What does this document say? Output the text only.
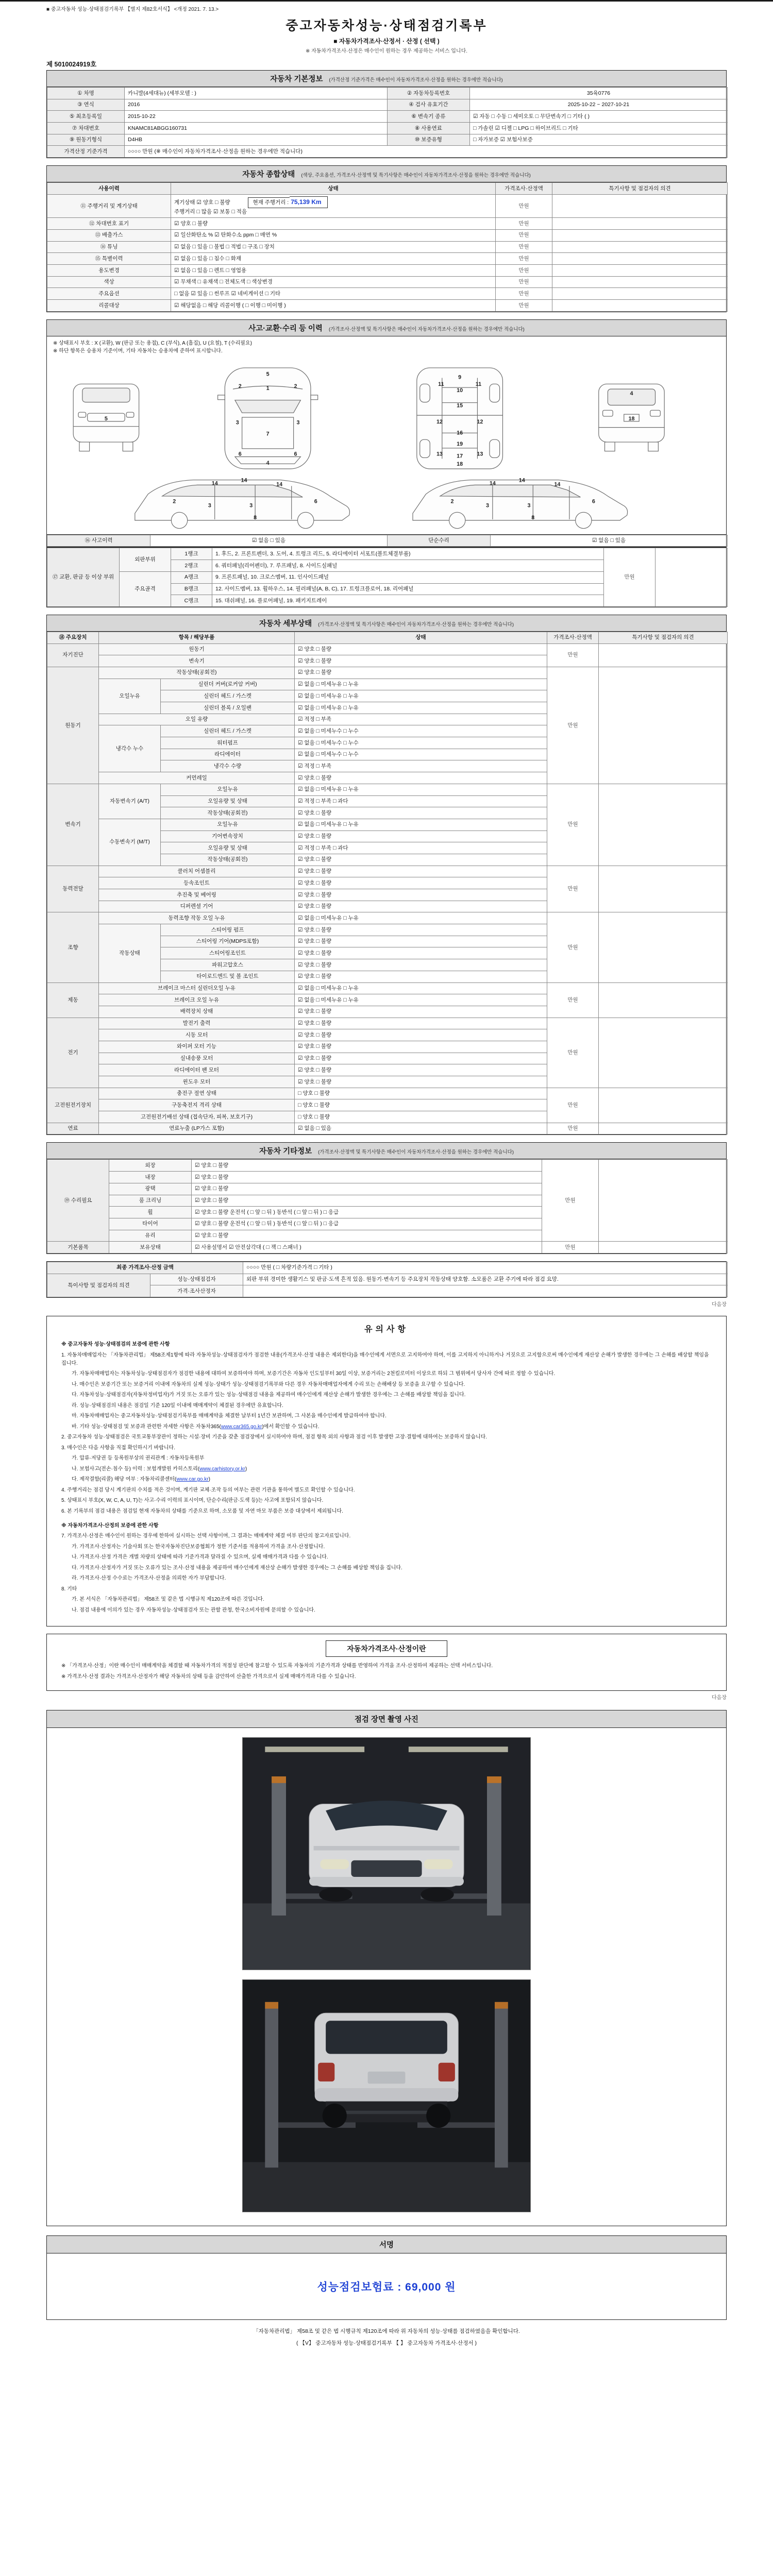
■ 중고자동차 성능·상태점검기록부 【별지 제82호서식】 <개정 2021. 7. 13.>
중고자동차성능·상태점검기록부
■ 자동차가격조사·산정서 · 산정 ( 선택 )
※ 자동차가격조사·산정은 매수인이 원하는 경우 제공하는 서비스 입니다.
제 5010024919호
자동차 기본정보 (가격산정 기준가격은 매수인이 자동차가격조사·산정을 원하는 경우에만 적습니다)
① 차명	카니발(4세대뉴) (세부모델 : )	② 자동차등록번호	35육0776
③ 연식	2016	④ 검사 유효기간	2025-10-22 ~ 2027-10-21
⑤ 최초등록일	2015-10-22	⑥ 변속기 종류	☑ 자동 □ 수동 □ 세미오토 □ 무단변속기 □ 기타 ( )
⑦ 차대번호	KNAMC81ABGG160731	⑧ 사용연료	□ 가솔린 ☑ 디젤 □ LPG □ 하이브리드 □ 기타
⑨ 원동기형식	D4HB	⑩ 보증유형	□ 자가보증 ☑ 보험사보증
가격산정 기준가격	○○○○ 만원 (※ 매수인이 자동차가격조사·산정을 원하는 경우에만 적습니다)		
자동차 종합상태 (색상, 주요옵션, 가격조사·산정액 및 특기사항은 매수인이 자동차가격조사·산정을 원하는 경우에만 적습니다)
사용이력	상태	가격조사·산정액	특기사항 및 점검자의 의견
⑪ 주행거리 및 계기상태	계기상태 ☑ 양호 □ 불량 현재 주행거리 :75,139 Km
주행거리 □ 많음 ☑ 보통 □ 적음	만원	
⑫ 차대번호 표기	☑ 양호 □ 불량	만원	
⑬ 배출가스	☑ 일산화탄소 % ☑ 탄화수소 ppm □ 매연 %	만원	
⑭ 튜닝	☑ 없음 □ 있음 □ 불법 □ 적법 □ 구조 □ 장치	만원	
⑮ 특별이력	☑ 없음 □ 있음 □ 침수 □ 화재	만원	
용도변경	☑ 없음 □ 있음 □ 렌트 □ 영업용	만원	
색상	☑ 무채색 □ 유채색 □ 전체도색 □ 색상변경	만원	
주요옵션	□ 없음 ☑ 있음 □ 썬루프 ☑ 네비게이션 □ 기타	만원	
리콜대상	☑ 해당없음 □ 해당 리콜이행 ( □ 이행 □ 미이행 )	만원	
사고·교환·수리 등 이력 (가격조사·산정액 및 특기사항은 매수인이 자동차가격조사·산정을 원하는 경우에만 적습니다)
※ 상태표시 부호 : X (교환), W (판금 또는 용접), C (부식), A (흠집), U (요철), T (수리필요)
※ 하단 항목은 승용차 기준이며, 기타 자동차는 승용차에 준하여 표시합니다.
5
5
1
2	2
3	3
7
6	6
4
9
10
11	11
15
12	12
16
19
13	13
17
18
4
18
14	14
14
8
3	3
2	6
14	14
14
8
3	3
2	6
⑯ 사고이력	☑ 없음 □ 있음	단순수리	☑ 없음 □ 있음
⑰ 교환, 판금 등 이상 부위	외판부위	1랭크	1. 후드, 2. 프론트펜더, 3. 도어, 4. 트렁크 리드, 5. 라디에이터 서포트(볼트체결부품)	만원	
		2랭크	6. 쿼터패널(리어펜더), 7. 루프패널, 8. 사이드실패널		
	주요골격	A랭크	9. 프론트패널, 10. 크로스멤버, 11. 인사이드패널		
		B랭크	12. 사이드멤버, 13. 휠하우스, 14. 필러패널(A, B, C), 17. 트렁크플로어, 18. 리어패널		
		C랭크	15. 대쉬패널, 16. 플로어패널, 19. 패키지트레이		
자동차 세부상태 (가격조사·산정액 및 특기사항은 매수인이 자동차가격조사·산정을 원하는 경우에만 적습니다)
⑱ 주요장치	항목 / 해당부품		상태	가격조사·산정액	특기사항 및 점검자의 의견
자기진단	원동기		☑ 양호 □ 불량	만원	
	변속기		☑ 양호 □ 불량		
원동기	작동상태(공회전)		☑ 양호 □ 불량	만원	
	오일누유	실린더 커버(로커암 커버)	☑ 없음 □ 미세누유 □ 누유		
		실린더 헤드 / 가스켓	☑ 없음 □ 미세누유 □ 누유		
		실린더 블록 / 오일팬	☑ 없음 □ 미세누유 □ 누유		
	오일 유량		☑ 적정 □ 부족		
	냉각수 누수	실린더 헤드 / 가스켓	☑ 없음 □ 미세누수 □ 누수		
		워터펌프	☑ 없음 □ 미세누수 □ 누수		
		라디에이터	☑ 없음 □ 미세누수 □ 누수		
		냉각수 수량	☑ 적정 □ 부족		
	커먼레일		☑ 양호 □ 불량		
변속기	자동변속기 (A/T)	오일누유	☑ 없음 □ 미세누유 □ 누유	만원	
		오일유량 및 상태	☑ 적정 □ 부족 □ 과다		
		작동상태(공회전)	☑ 양호 □ 불량		
	수동변속기 (M/T)	오일누유	☑ 없음 □ 미세누유 □ 누유		
		기어변속장치	☑ 양호 □ 불량		
		오일유량 및 상태	☑ 적정 □ 부족 □ 과다		
		작동상태(공회전)	☑ 양호 □ 불량		
동력전달	클러치 어셈블리		☑ 양호 □ 불량	만원	
	등속조인트		☑ 양호 □ 불량		
	추진축 및 베어링		☑ 양호 □ 불량		
	디퍼렌셜 기어		☑ 양호 □ 불량		
조향	동력조향 작동 오일 누유		☑ 없음 □ 미세누유 □ 누유	만원	
	작동상태	스티어링 펌프	☑ 양호 □ 불량		
		스티어링 기어(MDPS포함)	☑ 양호 □ 불량		
		스티어링조인트	☑ 양호 □ 불량		
		파워고압호스	☑ 양호 □ 불량		
		타이로드엔드 및 볼 조인트	☑ 양호 □ 불량		
제동	브레이크 마스터 실린더오일 누유		☑ 없음 □ 미세누유 □ 누유	만원	
	브레이크 오일 누유		☑ 없음 □ 미세누유 □ 누유		
	배력장치 상태		☑ 양호 □ 불량		
전기	발전기 출력		☑ 양호 □ 불량	만원	
	시동 모터		☑ 양호 □ 불량		
	와이퍼 모터 기능		☑ 양호 □ 불량		
	실내송풍 모터		☑ 양호 □ 불량		
	라디에이터 팬 모터		☑ 양호 □ 불량		
	윈도우 모터		☑ 양호 □ 불량		
고전원전기장치	충전구 절연 상태		□ 양호 □ 불량	만원	
	구동축전지 격리 상태		□ 양호 □ 불량		
	고전원전기배선 상태 (접속단자, 피복, 보호기구)		□ 양호 □ 불량		
연료	연료누출 (LP가스 포함)		☑ 없음 □ 있음	만원	
자동차 기타정보 (가격조사·산정액 및 특기사항은 매수인이 자동차가격조사·산정을 원하는 경우에만 적습니다)
⑲ 수리필요	외장	☑ 양호 □ 불량	만원	
	내장	☑ 양호 □ 불량		
	광택	☑ 양호 □ 불량		
	룸 크리닝	☑ 양호 □ 불량		
	휠	☑ 양호 □ 불량 운전석 ( □ 앞 □ 뒤 ) 동반석 ( □ 앞 □ 뒤 ) □ 응급		
	타이어	☑ 양호 □ 불량 운전석 ( □ 앞 □ 뒤 ) 동반석 ( □ 앞 □ 뒤 ) □ 응급		
	유리	☑ 양호 □ 불량		
기본품목	보유상태	☑ 사용설명서 ☑ 안전삼각대 ( □ 잭 □ 스패너 )	만원	
최종 가격조사·산정 금액		○○○○ 만원 ( □ 차량기준가격 □ 기타 )
특이사항 및 점검자의 의견	성능·상태점검자	외판 부위 경미한 생활기스 및 판금·도색 흔적 있음. 원동기·변속기 등 주요장치 작동상태 양호함. 소모품은 교환 주기에 따라 점검 요망.
	가격·조사산정자	
다음장
유의사항

※ 중고자동차 성능·상태점검의 보증에 관한 사항

1. 자동차매매업자는 「자동차관리법」 제58조제1항에 따라 자동차성능·상태점검자가 점검한 내용(가격조사·산정 내용은 제외한다)을 매수인에게 서면으로 고지하여야 하며, 이를 고지하지 아니하거나 거짓으로 고지함으로써 매수인에게 재산상 손해가 발생한 경우에는 그 손해를 배상할 책임을 집니다.

가. 자동차매매업자는 자동차성능·상태점검자가 점검한 내용에 대하여 보증하여야 하며, 보증기간은 자동차 인도일부터 30일 이상, 보증거리는 2천킬로미터 이상으로 하되 그 범위에서 당사자 간에 따로 정할 수 있습니다.

나. 매수인은 보증기간 또는 보증거리 이내에 자동차의 실제 성능·상태가 성능·상태점검기록부와 다른 경우 자동차매매업자에게 수리 또는 손해배상 등 보증을 요구할 수 있습니다.

다. 자동차성능·상태점검자(자동차정비업자)가 거짓 또는 오류가 있는 성능·상태점검 내용을 제공하여 매수인에게 재산상 손해가 발생한 경우에는 그 손해를 배상할 책임을 집니다.

라. 성능·상태점검의 내용은 점검일 기준 120일 이내에 매매계약이 체결된 경우에만 유효합니다.

마. 자동차매매업자는 중고자동차성능·상태점검기록부를 매매계약을 체결한 날부터 1년간 보관하며, 그 사본을 매수인에게 발급하여야 합니다.

바. 기타 성능·상태점검 및 보증과 관련한 자세한 사항은 자동차365(www.car365.go.kr)에서 확인할 수 있습니다.

2. 중고자동차 성능·상태점검은 국토교통부장관이 정하는 시설·장비 기준을 갖춘 점검장에서 실시하여야 하며, 점검 항목 외의 사항과 점검 이후 발생한 고장·결함에 대하여는 보증하지 않습니다.

3. 매수인은 다음 사항을 직접 확인하시기 바랍니다.

가. 압류·저당권 등 등록원부상의 권리관계 : 자동차등록원부

나. 보험사고(전손·침수 등) 이력 : 보험개발원 카히스토리(www.carhistory.or.kr)

다. 제작결함(리콜) 해당 여부 : 자동차리콜센터(www.car.go.kr)

4. 주행거리는 점검 당시 계기판의 수치를 적은 것이며, 계기판 교체·조작 등의 여부는 관련 기관을 통하여 별도로 확인할 수 있습니다.

5. 상태표시 부호(X, W, C, A, U, T)는 사고·수리 이력의 표시이며, 단순수리(판금·도색 등)는 사고에 포함되지 않습니다.

6. 본 기록부의 점검 내용은 점검일 현재 자동차의 상태를 기준으로 하며, 소모품 및 자연 마모 부품은 보증 대상에서 제외됩니다.

※ 자동차가격조사·산정의 보증에 관한 사항

7. 가격조사·산정은 매수인이 원하는 경우에 한하여 실시하는 선택 사항이며, 그 결과는 매매계약 체결 여부 판단의 참고자료입니다.

가. 가격조사·산정자는 기술사회 또는 한국자동차진단보증협회가 정한 기준서를 적용하여 가격을 조사·산정합니다.

나. 가격조사·산정 가격은 개별 차량의 상태에 따라 기준가격과 달라질 수 있으며, 실제 매매가격과 다를 수 있습니다.

다. 가격조사·산정자가 거짓 또는 오류가 있는 조사·산정 내용을 제공하여 매수인에게 재산상 손해가 발생한 경우에는 그 손해를 배상할 책임을 집니다.

라. 가격조사·산정 수수료는 가격조사·산정을 의뢰한 자가 부담합니다.

8. 기타

가. 본 서식은 「자동차관리법」 제58조 및 같은 법 시행규칙 제120조에 따른 것입니다.

나. 점검 내용에 이의가 있는 경우 자동차성능·상태점검자 또는 관할 관청, 한국소비자원에 문의할 수 있습니다.

자동차가격조사·산정이란

※ 「가격조사·산정」이란 매수인이 매매계약을 체결할 때 자동차가격의 적절성 판단에 참고할 수 있도록 자동차의 기준가격과 상태를 반영하여 가격을 조사·산정하여 제공하는 선택 서비스입니다.

※ 가격조사·산정 결과는 가격조사·산정자가 해당 자동차의 상태 등을 감안하여 산출한 가격으로서 실제 매매가격과 다를 수 있습니다.

다음장
점검 장면 촬영 사진
서명
성능점검보험료 : 69,000 원
「자동차관리법」 제58조 및 같은 법 시행규칙 제120조에 따라 위 자동차의 성능·상태를 점검하였음을 확인합니다.
( 【V】 중고자동차 성능·상태점검기록부 【 】 중고자동차 가격조사·산정서 )
